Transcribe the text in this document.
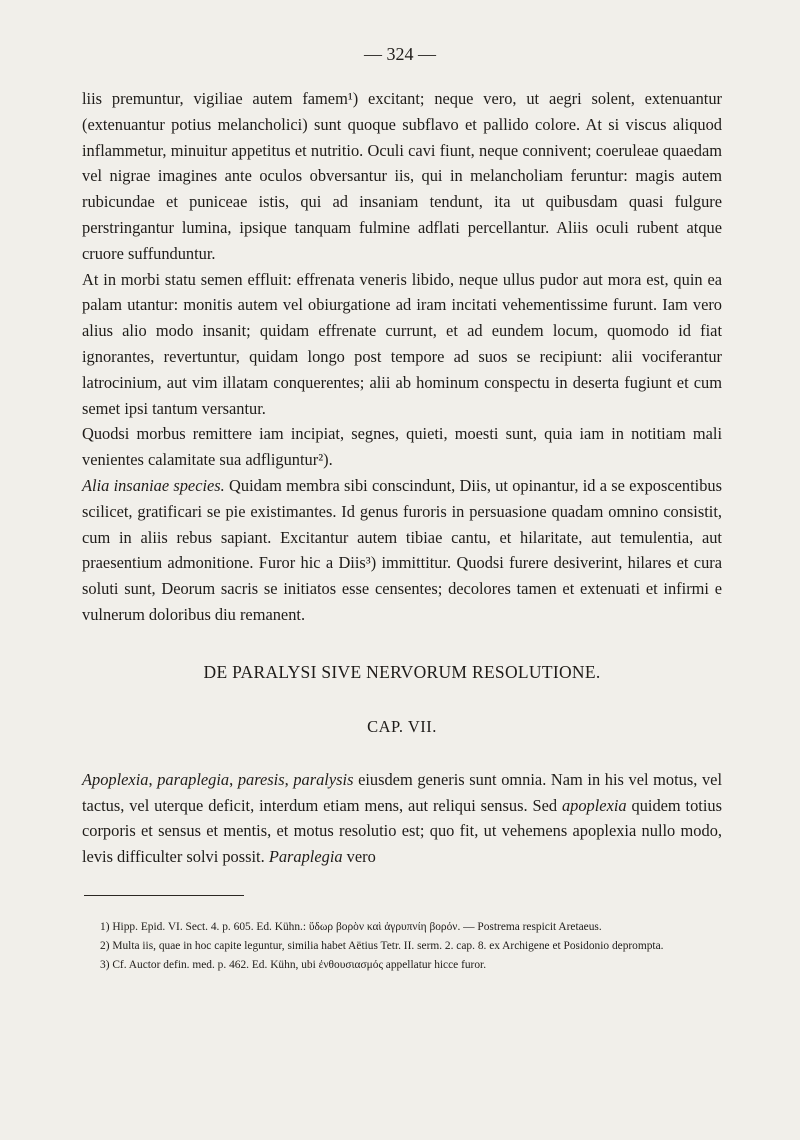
— 324 —

liis premuntur, vigiliae autem famem¹) excitant; neque vero, ut aegri solent, extenuantur (extenuantur potius melancholici) sunt quoque subflavo et pallido colore. At si viscus aliquod inflammetur, minuitur appetitus et nutritio. Oculi cavi fiunt, neque connivent; coeruleae quaedam vel nigrae imagines ante oculos obversantur iis, qui in melancholiam feruntur: magis autem rubicundae et puniceae istis, qui ad insaniam tendunt, ita ut quibusdam quasi fulgure perstringantur lumina, ipsique tanquam fulmine adflati percellantur. Aliis oculi rubent atque cruore suffunduntur.

At in morbi statu semen effluit: effrenata veneris libido, neque ullus pudor aut mora est, quin ea palam utantur: monitis autem vel obiurgatione ad iram incitati vehementissime furunt. Iam vero alius alio modo insanit; quidam effrenate currunt, et ad eundem locum, quomodo id fiat ignorantes, revertuntur, quidam longo post tempore ad suos se recipiunt: alii vociferantur latrocinium, aut vim illatam conquerentes; alii ab hominum conspectu in deserta fugiunt et cum semet ipsi tantum versantur.

Quodsi morbus remittere iam incipiat, segnes, quieti, moesti sunt, quia iam in notitiam mali venientes calamitate sua adfliguntur²).

Alia insaniae species. Quidam membra sibi conscindunt, Diis, ut opinantur, id a se exposcentibus scilicet, gratificari se pie existimantes. Id genus furoris in persuasione quadam omnino consistit, cum in aliis rebus sapiant. Excitantur autem tibiae cantu, et hilaritate, aut temulentia, aut praesentium admonitione. Furor hic a Diis³) immittitur. Quodsi furere desiverint, hilares et cura soluti sunt, Deorum sacris se initiatos esse censentes; decolores tamen et extenuati et infirmi e vulnerum doloribus diu remanent.

DE PARALYSI SIVE NERVORUM RESOLUTIONE.
CAP. VII.

Apoplexia, paraplegia, paresis, paralysis eiusdem generis sunt omnia. Nam in his vel motus, vel tactus, vel uterque deficit, interdum etiam mens, aut reliqui sensus. Sed apoplexia quidem totius corporis et sensus et mentis, et motus resolutio est; quo fit, ut vehemens apoplexia nullo modo, levis difficulter solvi possit. Paraplegia vero

1) Hipp. Epid. VI. Sect. 4. p. 605. Ed. Kühn.: ὕδωρ βορὸν καὶ ἀγρυπνίη βορόν. — Postrema respicit Aretaeus.

2) Multa iis, quae in hoc capite leguntur, similia habet Aëtius Tetr. II. serm. 2. cap. 8. ex Archigene et Posidonio deprompta.

3) Cf. Auctor defin. med. p. 462. Ed. Kühn, ubi ἐνθουσιασμός appellatur hicce furor.
